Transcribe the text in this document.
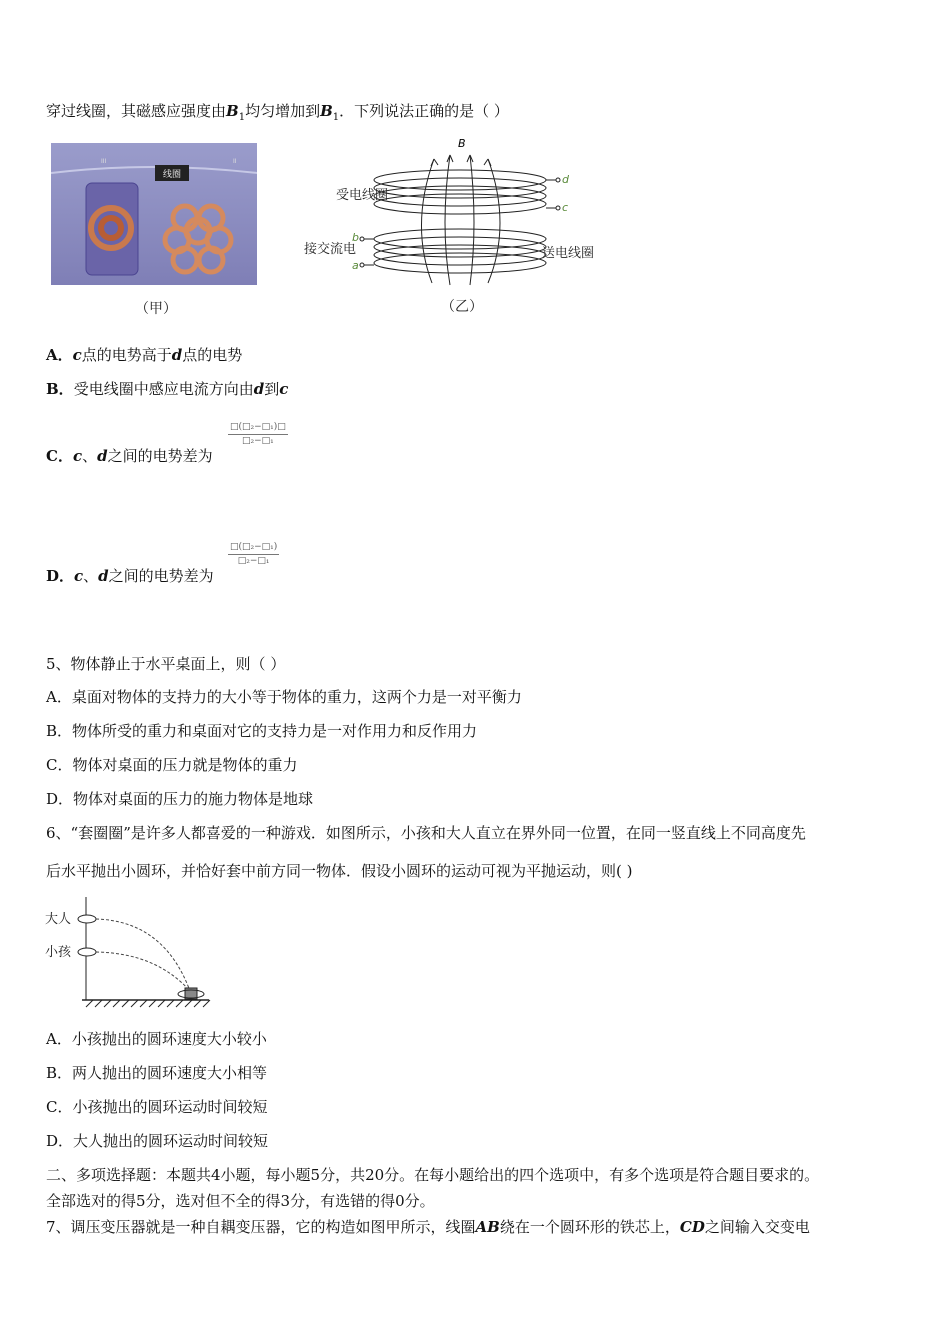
穿过线圈，其磁感应强度由$B_1$均匀增加到$B_1$．下列说法正确的是（ ）
线圈
III	II
（甲）
B
d
c
b
a
受电线圈
接交流电	送电线圈
（乙）
A．c点的电势高于d点的电势
B．受电线圈中感应电流方向由d到c
C．c、d之间的电势差为
□(□₂−□₁)□
□₂−□₁
D．c、d之间的电势差为
□(□₂−□₁)
□₂−□₁
5、物体静止于水平桌面上，则（ ）
A．桌面对物体的支持力的大小等于物体的重力，这两个力是一对平衡力
B．物体所受的重力和桌面对它的支持力是一对作用力和反作用力
C．物体对桌面的压力就是物体的重力
D．物体对桌面的压力的施力物体是地球
6、“套圈圈”是许多人都喜爱的一种游戏．如图所示，小孩和大人直立在界外同一位置，在同一竖直线上不同高度先
后水平抛出小圆环，并恰好套中前方同一物体．假设小圆环的运动可视为平抛运动，则( )
大人
小孩
A．小孩抛出的圆环速度大小较小
B．两人抛出的圆环速度大小相等
C．小孩抛出的圆环运动时间较短
D．大人抛出的圆环运动时间较短
二、多项选择题：本题共4小题，每小题5分，共20分。在每小题给出的四个选项中，有多个选项是符合题目要求的。
全部选对的得5分，选对但不全的得3分，有选错的得0分。
7、调压变压器就是一种自耦变压器，它的构造如图甲所示，线圈AB绕在一个圆环形的铁芯上，CD之间输入交变电
